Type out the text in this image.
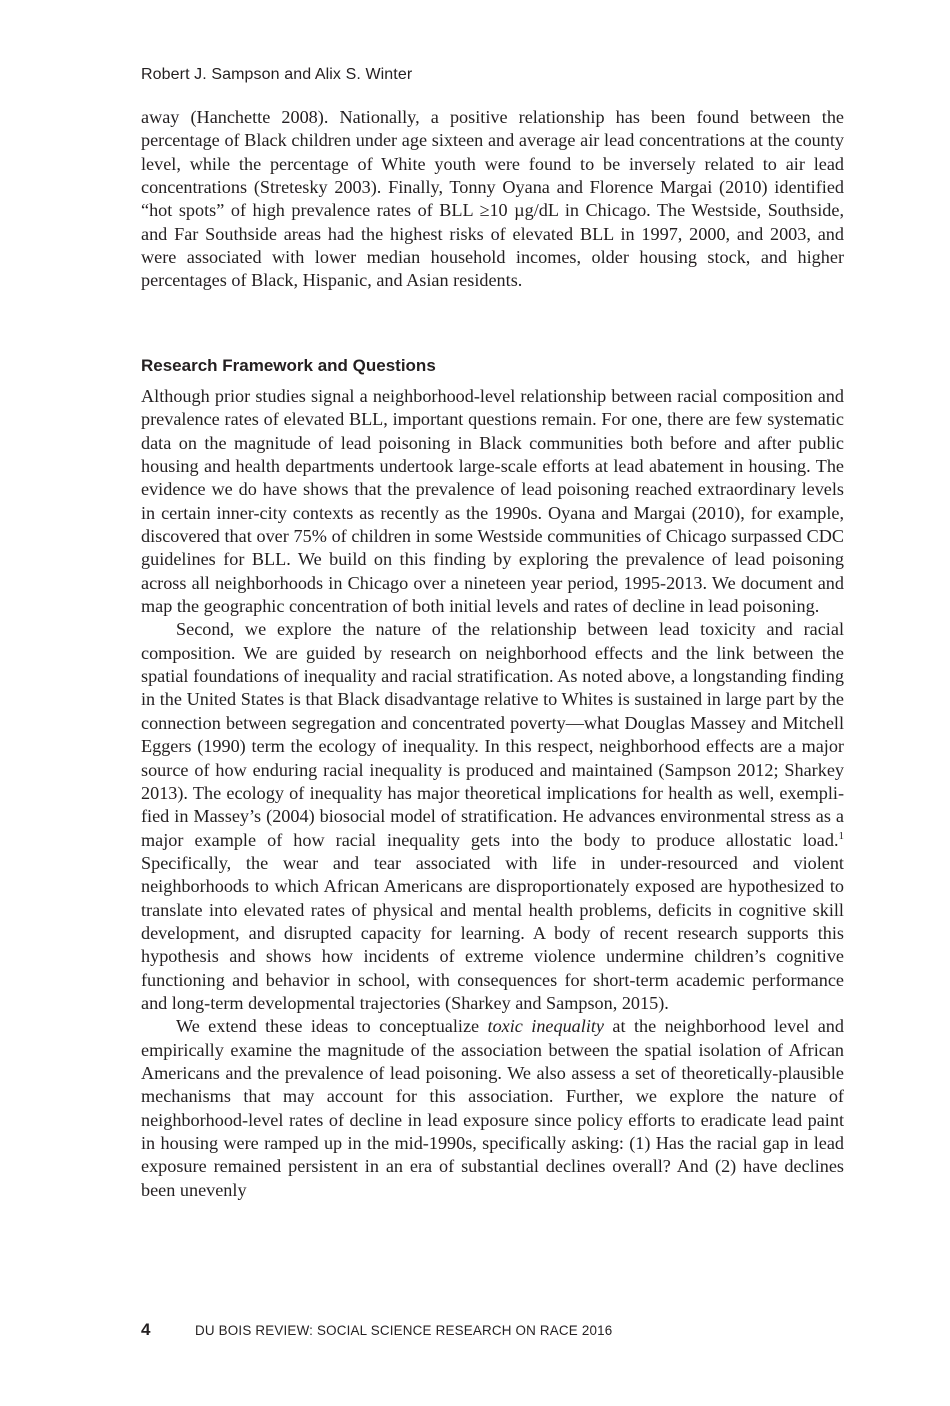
Robert J. Sampson and Alix S. Winter

away (Hanchette 2008). Nationally, a positive relationship has been found between the percentage of Black children under age sixteen and average air lead concentrations at the county level, while the percentage of White youth were found to be inversely related to air lead concentrations (Stretesky 2003). Finally, Tonny Oyana and Florence Margai (2010) identified “hot spots” of high prevalence rates of BLL ≥10 µg/dL in Chicago. The Westside, Southside, and Far Southside areas had the highest risks of elevated BLL in 1997, 2000, and 2003, and were associated with lower median household incomes, older housing stock, and higher percentages of Black, Hispanic, and Asian residents.

Research Framework and Questions

Although prior studies signal a neighborhood-level relationship between racial composition and prevalence rates of elevated BLL, important questions remain. For one, there are few systematic data on the magnitude of lead poisoning in Black communities both before and after public housing and health departments undertook large-scale efforts at lead abatement in housing. The evidence we do have shows that the prevalence of lead poisoning reached extraordinary levels in certain inner-city contexts as recently as the 1990s. Oyana and Margai (2010), for example, discovered that over 75% of children in some Westside communities of Chicago surpassed CDC guidelines for BLL. We build on this finding by exploring the prevalence of lead poisoning across all neighborhoods in Chicago over a nineteen year period, 1995-2013. We document and map the geographic concentration of both initial levels and rates of decline in lead poisoning.

Second, we explore the nature of the relationship between lead toxicity and racial composition. We are guided by research on neighborhood effects and the link between the spatial foundations of inequality and racial stratification. As noted above, a longstanding finding in the United States is that Black disadvantage relative to Whites is sustained in large part by the connection between segregation and concentrated poverty—what Douglas Massey and Mitchell Eggers (1990) term the ecology of inequality. In this respect, neighborhood effects are a major source of how enduring racial inequality is produced and maintained (Sampson 2012; Sharkey 2013). The ecology of inequality has major theoretical implications for health as well, exemplified in Massey’s (2004) biosocial model of stratification. He advances environmental stress as a major example of how racial inequality gets into the body to produce allostatic load.$^1$ Specifically, the wear and tear associated with life in under-resourced and violent neighborhoods to which African Americans are disproportionately exposed are hypothesized to translate into elevated rates of physical and mental health problems, deficits in cognitive skill development, and disrupted capacity for learning. A body of recent research supports this hypothesis and shows how incidents of extreme violence undermine children’s cognitive functioning and behavior in school, with consequences for short-term academic performance and long-term developmental trajectories (Sharkey and Sampson, 2015).

We extend these ideas to conceptualize toxic inequality at the neighborhood level and empirically examine the magnitude of the association between the spatial isolation of African Americans and the prevalence of lead poisoning. We also assess a set of theoretically-plausible mechanisms that may account for this association. Further, we explore the nature of neighborhood-level rates of decline in lead exposure since policy efforts to eradicate lead paint in housing were ramped up in the mid-1990s, specifically asking: (1) Has the racial gap in lead exposure remained persistent in an era of substantial declines overall? And (2) have declines been unevenly

4	DU BOIS REVIEW: SOCIAL SCIENCE RESEARCH ON RACE 2016
